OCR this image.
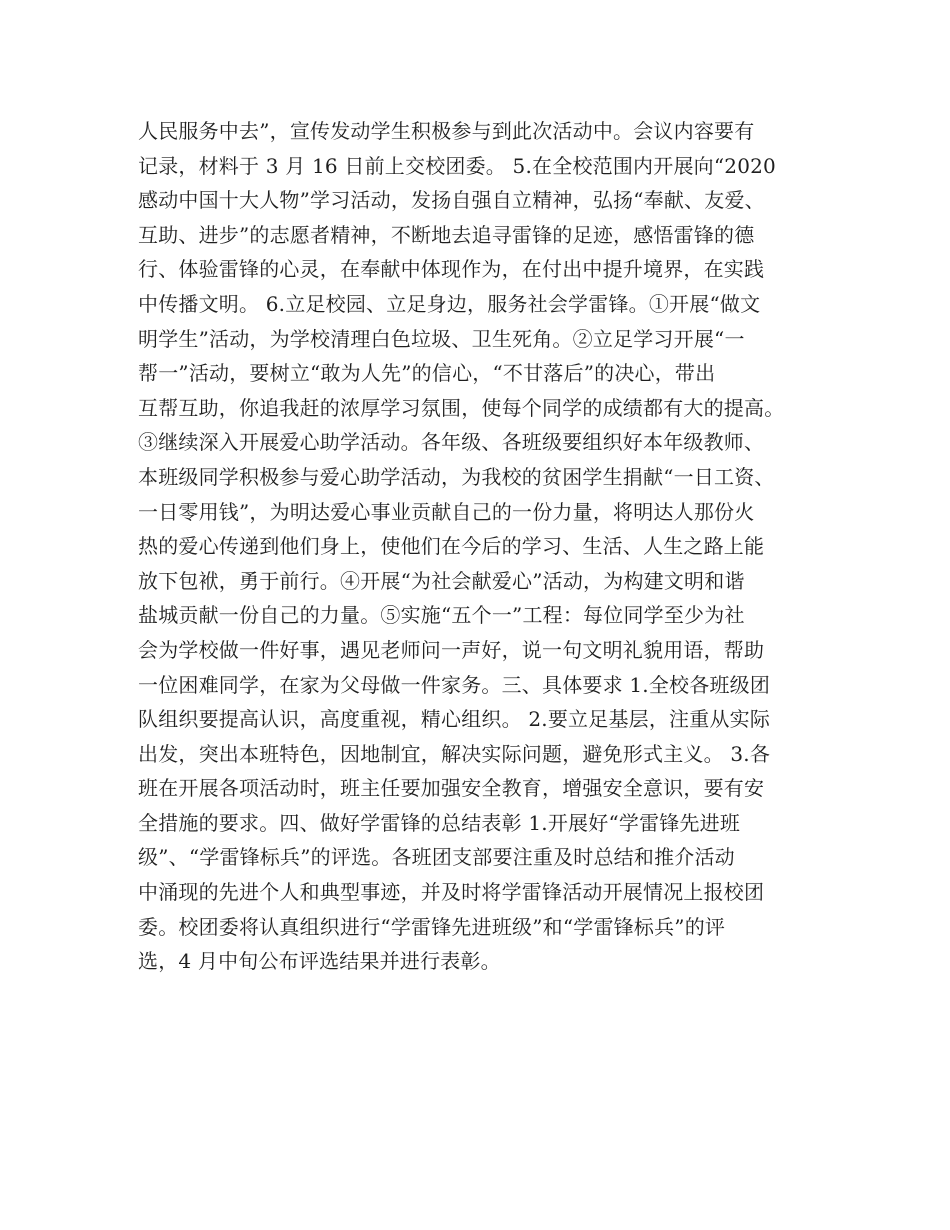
人民服务中去”，宣传发动学生积极参与到此次活动中。会议内容要有
记录，材料于 3 月 16 日前上交校团委。 5.在全校范围内开展向“2020
感动中国十大人物”学习活动，发扬自强自立精神，弘扬“奉献、友爱、
互助、进步”的志愿者精神，不断地去追寻雷锋的足迹，感悟雷锋的德
行、体验雷锋的心灵，在奉献中体现作为，在付出中提升境界，在实践
中传播文明。 6.立足校园、立足身边，服务社会学雷锋。①开展“做文
明学生”活动，为学校清理白色垃圾、卫生死角。②立足学习开展“一
帮一”活动，要树立“敢为人先”的信心，“不甘落后”的决心，带出
互帮互助，你追我赶的浓厚学习氛围，使每个同学的成绩都有大的提高。
③继续深入开展爱心助学活动。各年级、各班级要组织好本年级教师、
本班级同学积极参与爱心助学活动，为我校的贫困学生捐献“一日工资、
一日零用钱”，为明达爱心事业贡献自己的一份力量，将明达人那份火
热的爱心传递到他们身上，使他们在今后的学习、生活、人生之路上能
放下包袱，勇于前行。④开展“为社会献爱心”活动，为构建文明和谐
盐城贡献一份自己的力量。⑤实施“五个一”工程：每位同学至少为社
会为学校做一件好事，遇见老师问一声好，说一句文明礼貌用语，帮助
一位困难同学，在家为父母做一件家务。三、具体要求 1.全校各班级团
队组织要提高认识，高度重视，精心组织。 2.要立足基层，注重从实际
出发，突出本班特色，因地制宜，解决实际问题，避免形式主义。 3.各
班在开展各项活动时，班主任要加强安全教育，增强安全意识，要有安
全措施的要求。四、做好学雷锋的总结表彰 1.开展好“学雷锋先进班
级”、“学雷锋标兵”的评选。各班团支部要注重及时总结和推介活动
中涌现的先进个人和典型事迹，并及时将学雷锋活动开展情况上报校团
委。校团委将认真组织进行“学雷锋先进班级”和“学雷锋标兵”的评
选，4 月中旬公布评选结果并进行表彰。
